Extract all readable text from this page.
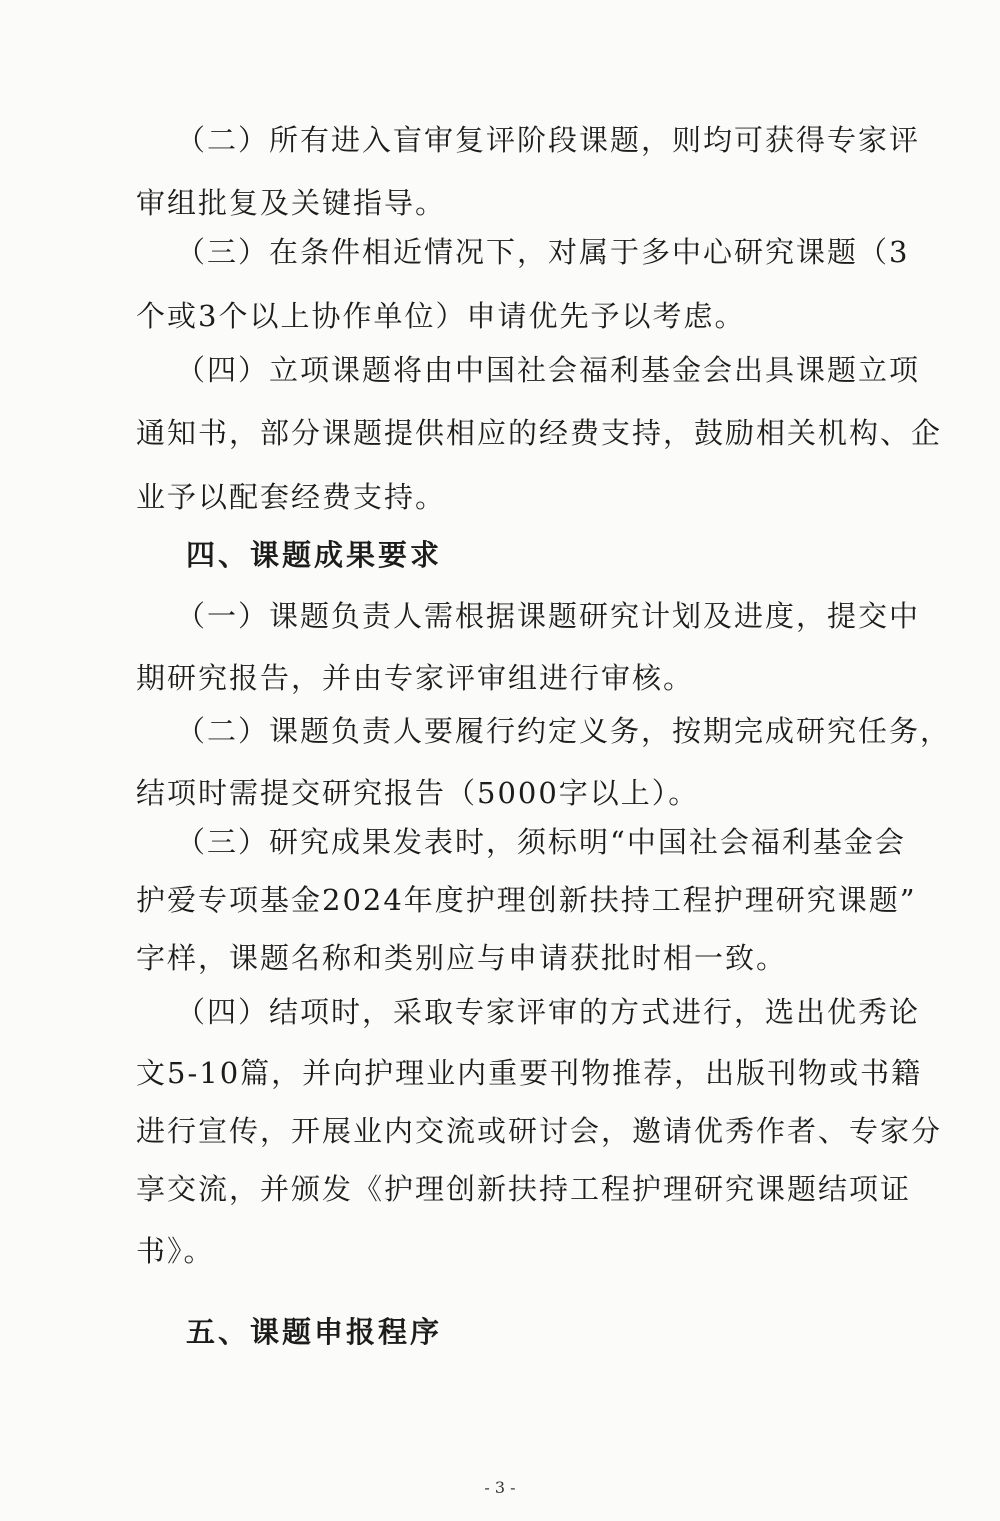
（二）所有进入盲审复评阶段课题，则均可获得专家评
审组批复及关键指导。
（三）在条件相近情况下，对属于多中心研究课题（3
个或3个以上协作单位）申请优先予以考虑。
（四）立项课题将由中国社会福利基金会出具课题立项
通知书，部分课题提供相应的经费支持，鼓励相关机构、企
业予以配套经费支持。
四、课题成果要求
（一）课题负责人需根据课题研究计划及进度，提交中
期研究报告，并由专家评审组进行审核。
（二）课题负责人要履行约定义务，按期完成研究任务，
结项时需提交研究报告（5000字以上）。
（三）研究成果发表时，须标明“中国社会福利基金会
护爱专项基金2024年度护理创新扶持工程护理研究课题”
字样，课题名称和类别应与申请获批时相一致。
（四）结项时，采取专家评审的方式进行，选出优秀论
文5-10篇，并向护理业内重要刊物推荐，出版刊物或书籍
进行宣传，开展业内交流或研讨会，邀请优秀作者、专家分
享交流，并颁发《护理创新扶持工程护理研究课题结项证
书》。
五、课题申报程序
- 3 -
